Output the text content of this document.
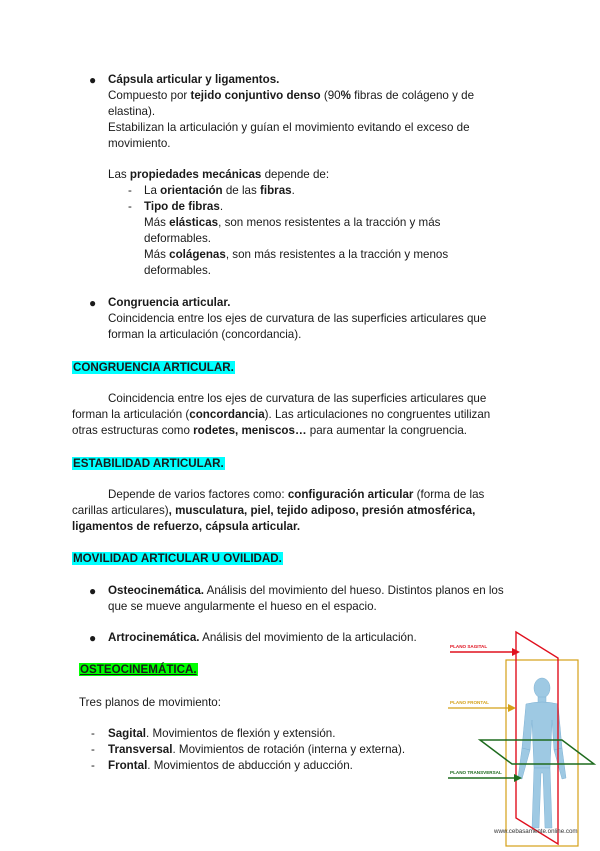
● Cápsula articular y ligamentos.
Compuesto por tejido conjuntivo denso (90% fibras de colágeno y de
elastina).
Estabilizan la articulación y guían el movimiento evitando el exceso de
movimiento.
Las propiedades mecánicas depende de:
- La orientación de las fibras.
- Tipo de fibras.
Más elásticas, son menos resistentes a la tracción y más
deformables.
Más colágenas, son más resistentes a la tracción y menos
deformables.
● Congruencia articular.
Coincidencia entre los ejes de curvatura de las superficies articulares que
forman la articulación (concordancia).
CONGRUENCIA ARTICULAR.
Coincidencia entre los ejes de curvatura de las superficies articulares que
forman la articulación (concordancia). Las articulaciones no congruentes utilizan
otras estructuras como rodetes, meniscos… para aumentar la congruencia.
ESTABILIDAD ARTICULAR.
Depende de varios factores como: configuración articular (forma de las
carillas articulares), musculatura, piel, tejido adiposo, presión atmosférica,
ligamentos de refuerzo, cápsula articular.
MOVILIDAD ARTICULAR U OVILIDAD.
● Osteocinemática. Análisis del movimiento del hueso. Distintos planos en los
que se mueve angularmente el hueso en el espacio.
● Artrocinemática. Análisis del movimiento de la articulación.
OSTEOCINEMÁTICA.
Tres planos de movimiento:
- Sagital. Movimientos de flexión y extensión.
- Transversal. Movimientos de rotación (interna y externa).
- Frontal. Movimientos de abducción y aducción.
PLANO SAGITAL
PLANO FRONTAL
PLANO TRANSVERSAL
www.cebasamente.online.com
